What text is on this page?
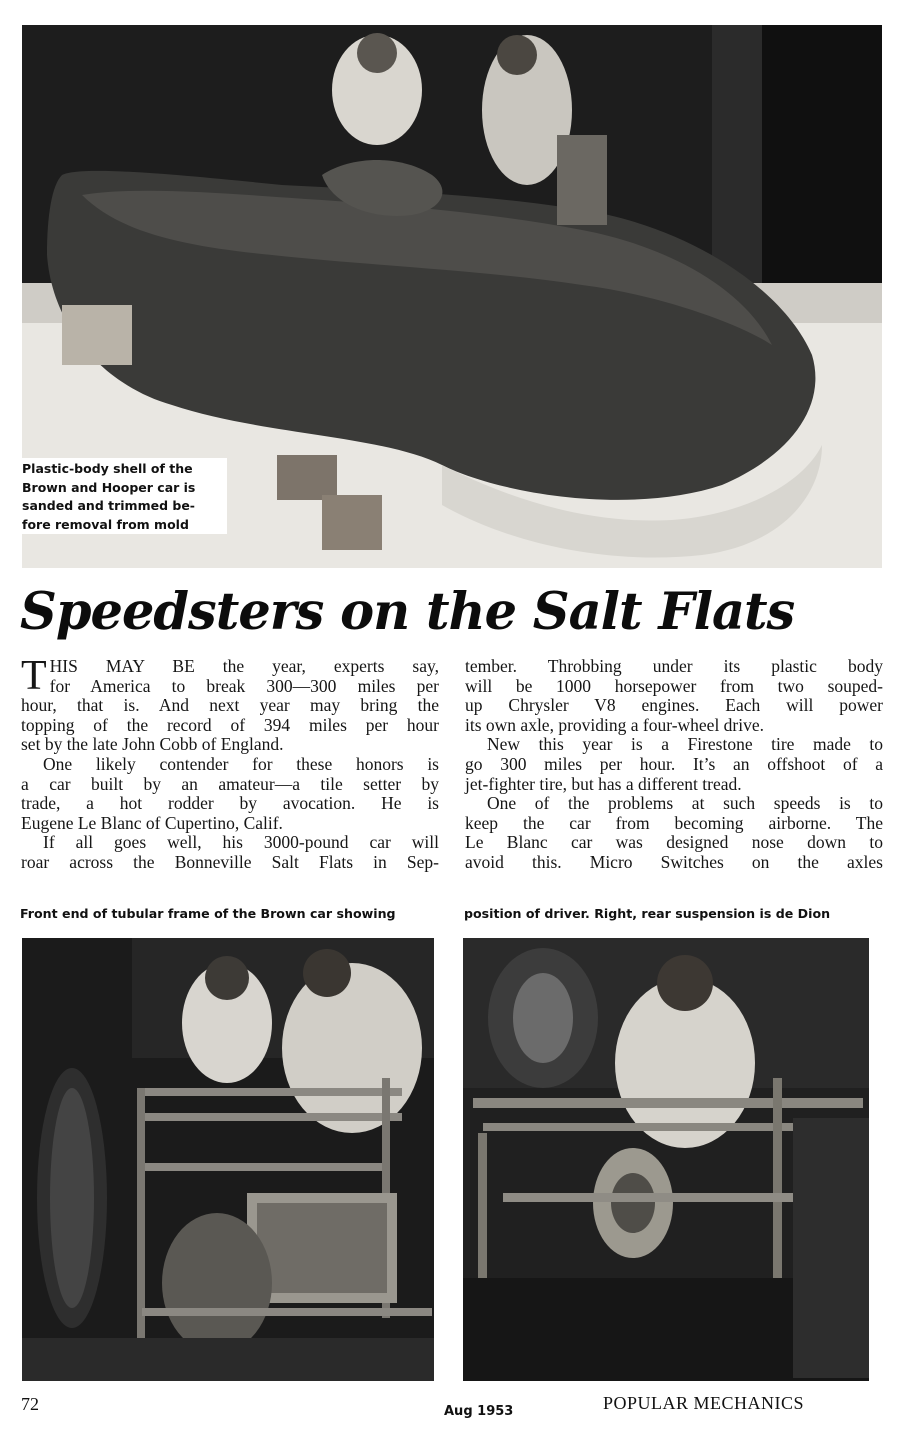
Plastic-body shell of the
Brown and Hooper car is
sanded and trimmed be-
fore removal from mold
Speedsters on the Salt Flats
T HIS MAY BE the year, experts say,
for America to break 300—300 miles per
hour, that is. And next year may bring the
topping of the record of 394 miles per hour
set by the late John Cobb of England.
One likely contender for these honors is
a car built by an amateur—a tile setter by
trade, a hot rodder by avocation. He is
Eugene Le Blanc of Cupertino, Calif.
If all goes well, his 3000-pound car will
roar across the Bonneville Salt Flats in Sep-
tember. Throbbing under its plastic body
will be 1000 horsepower from two souped-
up Chrysler V8 engines. Each will power
its own axle, providing a four-wheel drive.
New this year is a Firestone tire made to
go 300 miles per hour. It’s an offshoot of a
jet-fighter tire, but has a different tread.
One of the problems at such speeds is to
keep the car from becoming airborne. The
Le Blanc car was designed nose down to
avoid this. Micro Switches on the axles
Front end of tubular frame of the Brown car showing	position of driver. Right, rear suspension is de Dion
72	Aug 1953	POPULAR MECHANICS
